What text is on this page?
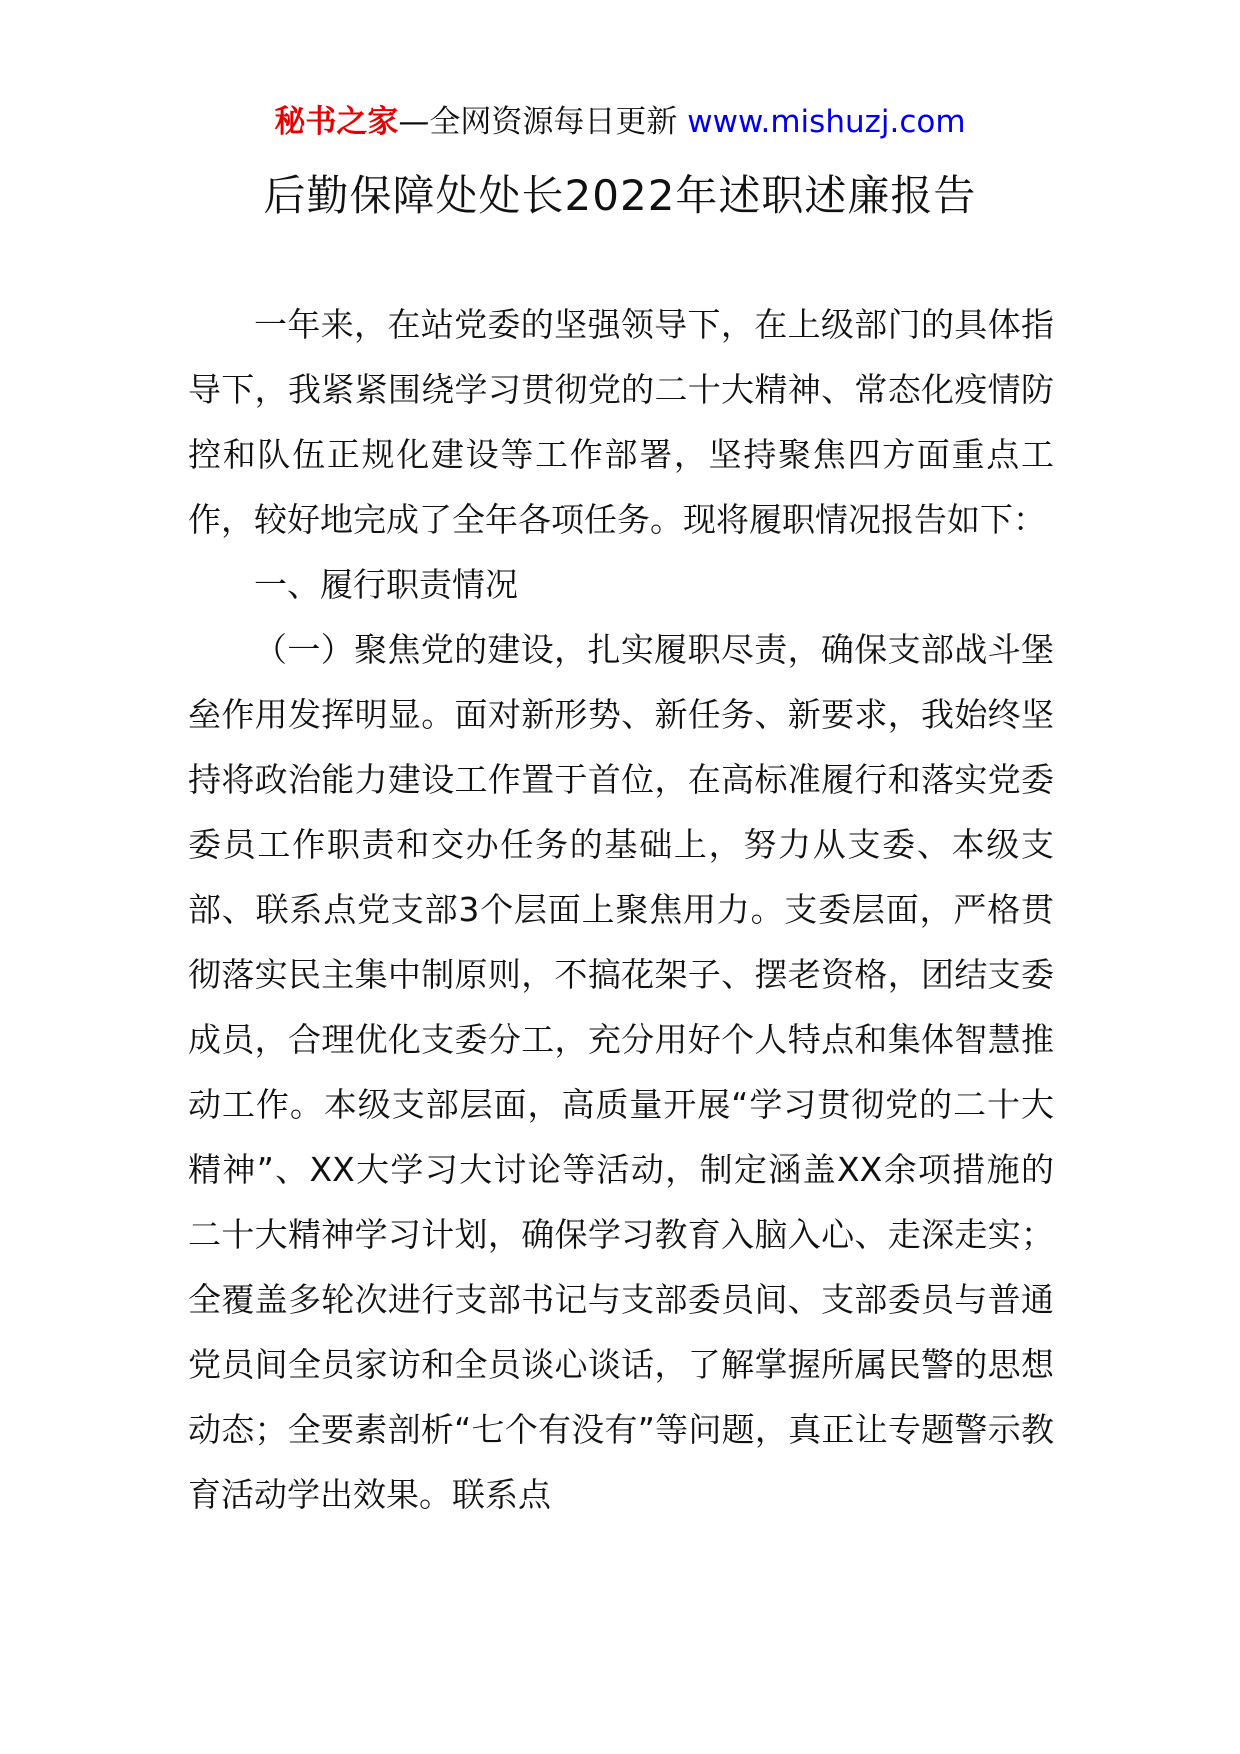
秘书之家—全网资源每日更新 www.mishuzj.com
后勤保障处处长2022年述职述廉报告

一年来，在站党委的坚强领导下，在上级部门的具体指导下，我紧紧围绕学习贯彻党的二十大精神、常态化疫情防控和队伍正规化建设等工作部署，坚持聚焦四方面重点工作，较好地完成了全年各项任务。现将履职情况报告如下：

一、履行职责情况

（一）聚焦党的建设，扎实履职尽责，确保支部战斗堡垒作用发挥明显。面对新形势、新任务、新要求，我始终坚持将政治能力建设工作置于首位，在高标准履行和落实党委委员工作职责和交办任务的基础上，努力从支委、本级支部、联系点党支部3个层面上聚焦用力。支委层面，严格贯彻落实民主集中制原则，不搞花架子、摆老资格，团结支委成员，合理优化支委分工，充分用好个人特点和集体智慧推动工作。本级支部层面，高质量开展“学习贯彻党的二十大精神”、XX大学习大讨论等活动，制定涵盖XX余项措施的二十大精神学习计划，确保学习教育入脑入心、走深走实；全覆盖多轮次进行支部书记与支部委员间、支部委员与普通党员间全员家访和全员谈心谈话，了解掌握所属民警的思想动态；全要素剖析“七个有没有”等问题，真正让专题警示教育活动学出效果。联系点
